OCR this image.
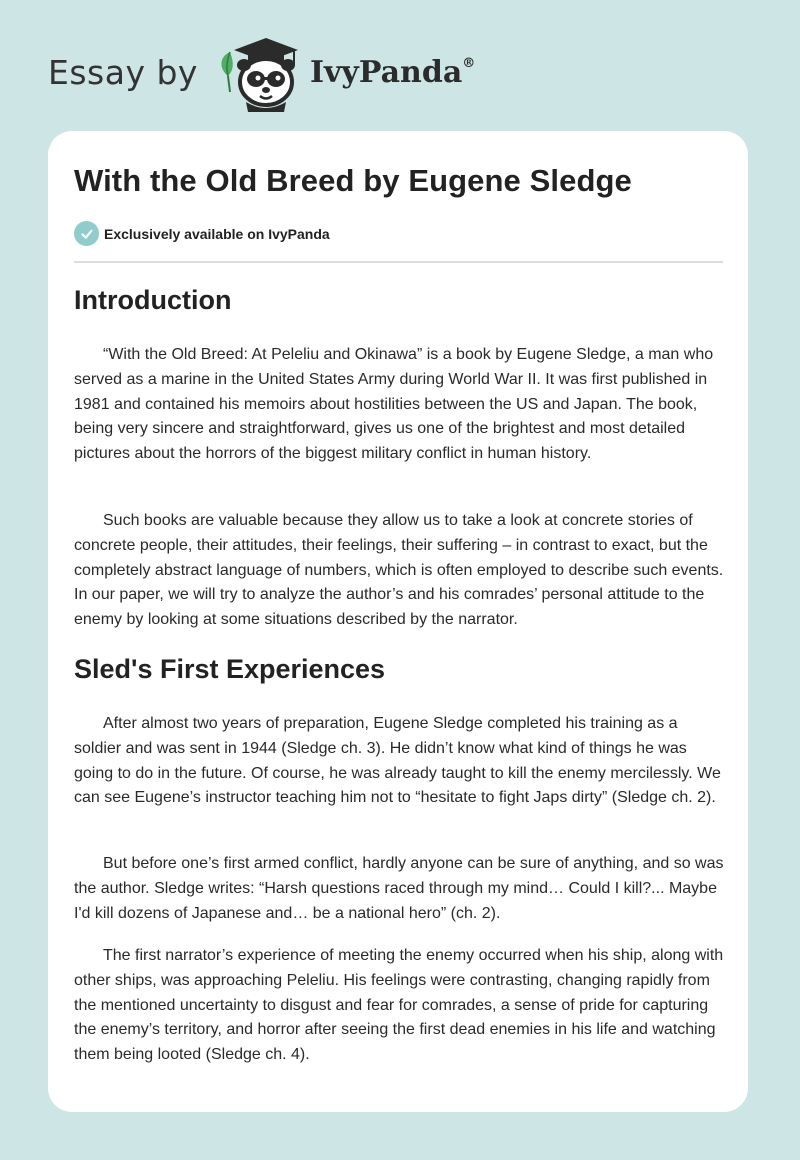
Essay by	IvyPanda®
With the Old Breed by Eugene Sledge
Exclusively available on IvyPanda
Introduction

“With the Old Breed: At Peleliu and Okinawa” is a book by Eugene Sledge, a man who served as a marine in the United States Army during World War II. It was first published in 1981 and contained his memoirs about hostilities between the US and Japan. The book, being very sincere and straightforward, gives us one of the brightest and most detailed pictures about the horrors of the biggest military conflict in human history.

Such books are valuable because they allow us to take a look at concrete stories of concrete people, their attitudes, their feelings, their suffering – in contrast to exact, but the completely abstract language of numbers, which is often employed to describe such events. In our paper, we will try to analyze the author’s and his comrades’ personal attitude to the enemy by looking at some situations described by the narrator.

Sled's First Experiences

After almost two years of preparation, Eugene Sledge completed his training as a soldier and was sent in 1944 (Sledge ch. 3). He didn’t know what kind of things he was going to do in the future. Of course, he was already taught to kill the enemy mercilessly. We can see Eugene’s instructor teaching him not to “hesitate to fight Japs dirty” (Sledge ch. 2).

But before one’s first armed conflict, hardly anyone can be sure of anything, and so was the author. Sledge writes: “Harsh questions raced through my mind… Could I kill?... Maybe I'd kill dozens of Japanese and… be a national hero” (ch. 2).

The first narrator’s experience of meeting the enemy occurred when his ship, along with other ships, was approaching Peleliu. His feelings were contrasting, changing rapidly from the mentioned uncertainty to disgust and fear for comrades, a sense of pride for capturing the enemy’s territory, and horror after seeing the first dead enemies in his life and watching them being looted (Sledge ch. 4).
